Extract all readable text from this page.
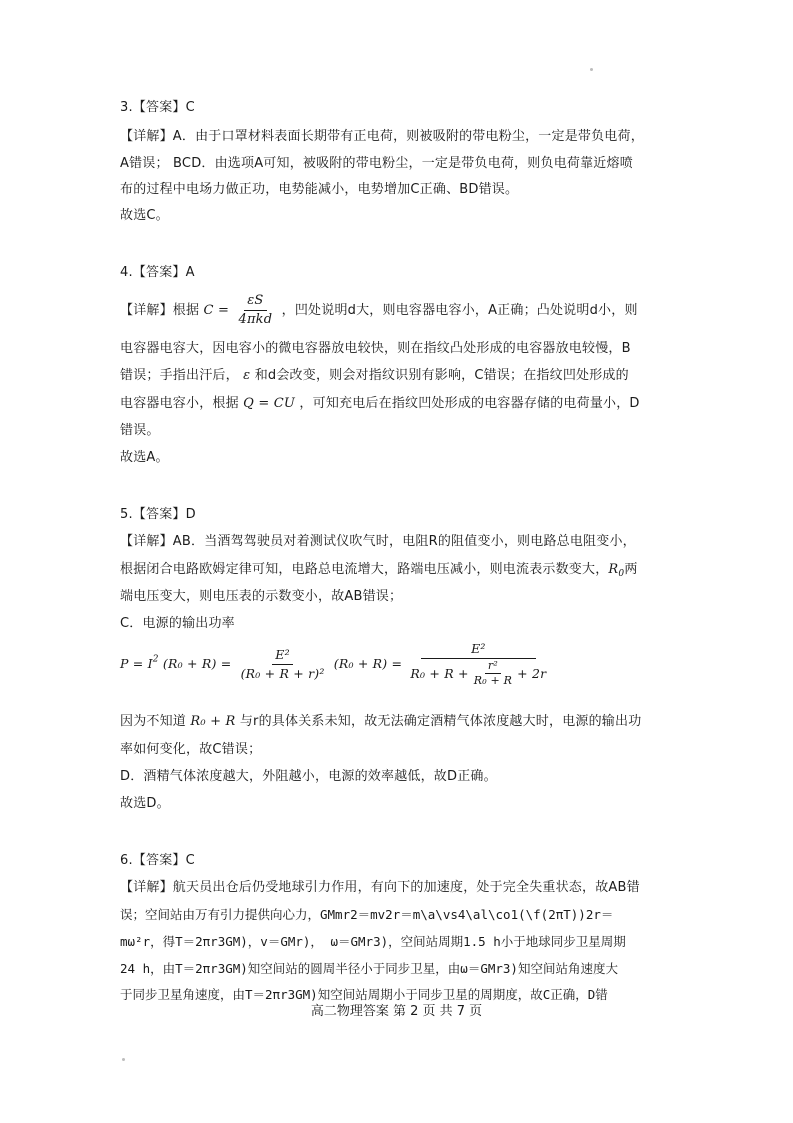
3.【答案】C
【详解】A．由于口罩材料表面长期带有正电荷，则被吸附的带电粉尘，一定是带负电荷，
A错误； BCD．由选项A可知，被吸附的带电粉尘，一定是带负电荷，则负电荷靠近熔喷
布的过程中电场力做正功，电势能减小，电势增加C正确、BD错误。
故选C。
4.【答案】A
【详解】根据 $C = \frac{\varepsilon S}{\text{4πkd}}$ ，凹处说明d大，则电容器电容小，A正确；凸处说明d小，则
电容器电容大，因电容小的微电容器放电较快，则在指纹凸处形成的电容器放电较慢，B
错误；手指出汗后， ε 和d会改变，则会对指纹识别有影响，C错误；在指纹凹处形成的
电容器电容小，根据 Q = CU ，可知充电后在指纹凹处形成的电容器存储的电荷量小，D
错误。
故选A。
5.【答案】D
【详解】AB．当酒驾驾驶员对着测试仪吹气时，电阻R的阻值变小，则电路总电阻变小，
根据闭合电路欧姆定律可知，电路总电流增大，路端电压减小，则电流表示数变大，$R_0$两
端电压变大，则电压表的示数变小，故AB错误；
C．电源的输出功率
$P = I^2$ $(R_0 + R) = \frac{\text{E²}}{\text{(R₀ + R + r)²}} (R_0 + R)$ =
E²
$R_0 + R + \frac{\text{r²}}{\text{R₀ + R}} + 2r$
因为不知道 R₀ + R 与r的具体关系未知，故无法确定酒精气体浓度越大时，电源的输出功
率如何变化，故C错误；
D．酒精气体浓度越大，外阻越小，电源的效率越低，故D正确。
故选D。
6.【答案】C
【详解】航天员出仓后仍受地球引力作用，有向下的加速度，处于完全失重状态，故AB错
误；空间站由万有引力提供向心力，GMmr2＝mv2r＝m\a\vs4\al\co1(\f(2πT))2r＝
mω²r，得T＝2πr3GM)，v＝GMr)， ω＝GMr3)，空间站周期1.5 h小于地球同步卫星周期
24 h，由T＝2πr3GM)知空间站的圆周半径小于同步卫星，由ω＝GMr3)知空间站角速度大
于同步卫星角速度，由T＝2πr3GM)知空间站周期小于同步卫星的周期度，故C正确，D错
高二物理答案 第 2 页 共 7 页
